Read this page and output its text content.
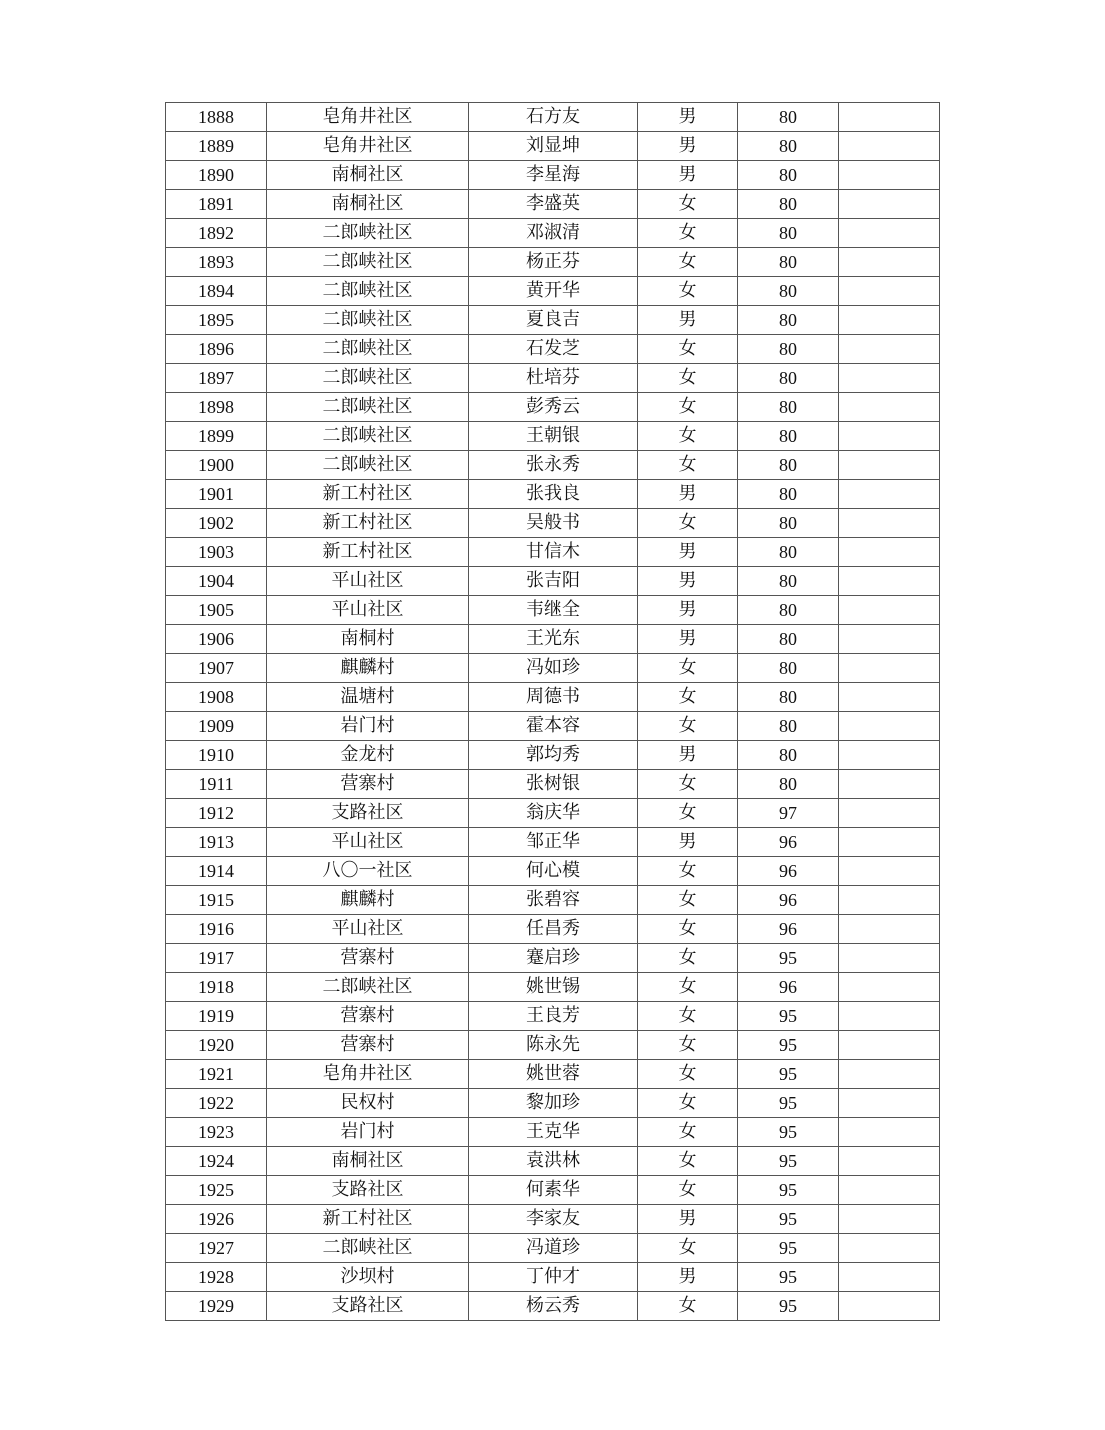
1888	皂角井社区	石方友	男	80	
1889	皂角井社区	刘显坤	男	80	
1890	南桐社区	李星海	男	80	
1891	南桐社区	李盛英	女	80	
1892	二郎峡社区	邓淑清	女	80	
1893	二郎峡社区	杨正芬	女	80	
1894	二郎峡社区	黄开华	女	80	
1895	二郎峡社区	夏良吉	男	80	
1896	二郎峡社区	石发芝	女	80	
1897	二郎峡社区	杜培芬	女	80	
1898	二郎峡社区	彭秀云	女	80	
1899	二郎峡社区	王朝银	女	80	
1900	二郎峡社区	张永秀	女	80	
1901	新工村社区	张我良	男	80	
1902	新工村社区	吴般书	女	80	
1903	新工村社区	甘信木	男	80	
1904	平山社区	张吉阳	男	80	
1905	平山社区	韦继全	男	80	
1906	南桐村	王光东	男	80	
1907	麒麟村	冯如珍	女	80	
1908	温塘村	周德书	女	80	
1909	岩门村	霍本容	女	80	
1910	金龙村	郭均秀	男	80	
1911	营寨村	张树银	女	80	
1912	支路社区	翁庆华	女	97	
1913	平山社区	邹正华	男	96	
1914	八〇一社区	何心模	女	96	
1915	麒麟村	张碧容	女	96	
1916	平山社区	任昌秀	女	96	
1917	营寨村	蹇启珍	女	95	
1918	二郎峡社区	姚世锡	女	96	
1919	营寨村	王良芳	女	95	
1920	营寨村	陈永先	女	95	
1921	皂角井社区	姚世蓉	女	95	
1922	民权村	黎加珍	女	95	
1923	岩门村	王克华	女	95	
1924	南桐社区	袁洪林	女	95	
1925	支路社区	何素华	女	95	
1926	新工村社区	李家友	男	95	
1927	二郎峡社区	冯道珍	女	95	
1928	沙坝村	丁仲才	男	95	
1929	支路社区	杨云秀	女	95	
